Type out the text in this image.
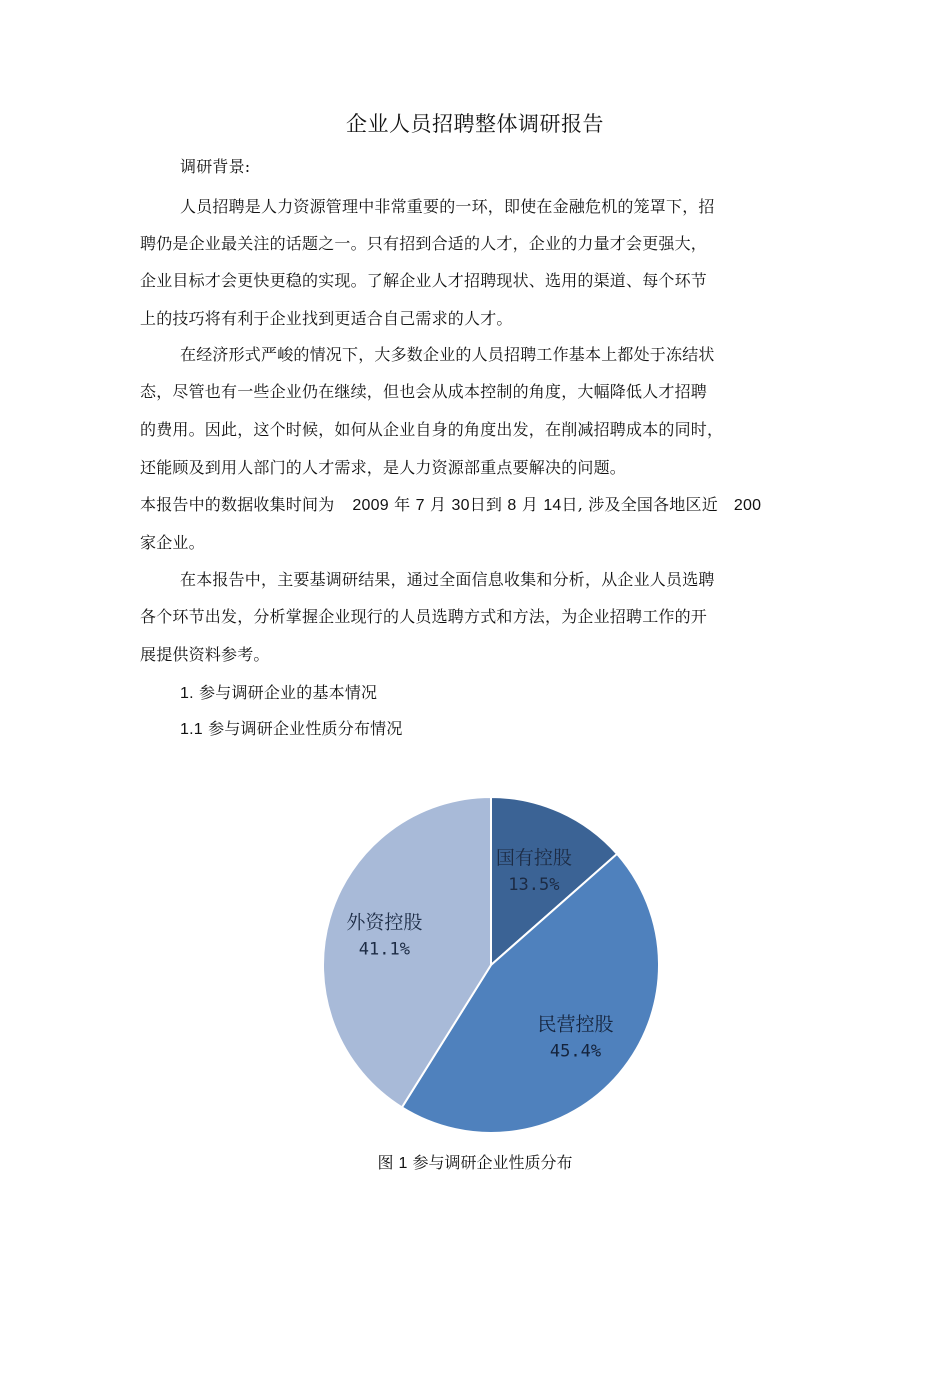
企业人员招聘整体调研报告
调研背景:
人员招聘是人力资源管理中非常重要的一环，即使在金融危机的笼罩下，招
聘仍是企业最关注的话题之一。只有招到合适的人才，企业的力量才会更强大，
企业目标才会更快更稳的实现。了解企业人才招聘现状、选用的渠道、每个环节
上的技巧将有利于企业找到更适合自己需求的人才。
在经济形式严峻的情况下，大多数企业的人员招聘工作基本上都处于冻结状
态，尽管也有一些企业仍在继续，但也会从成本控制的角度，大幅降低人才招聘
的费用。因此，这个时候，如何从企业自身的角度出发，在削减招聘成本的同时，
还能顾及到用人部门的人才需求，是人力资源部重点要解决的问题。
本报告中的数据收集时间为 2009 年 7 月 30日到 8 月 14日, 涉及全国各地区近 200
家企业。
在本报告中，主要基调研结果，通过全面信息收集和分析，从企业人员选聘
各个环节出发，分析掌握企业现行的人员选聘方式和方法，为企业招聘工作的开
展提供资料参考。
1. 参与调研企业的基本情况
1.1 参与调研企业性质分布情况
国有控股
13.5%
民营控股
45.4%
外资控股
41.1%
图 1 参与调研企业性质分布
